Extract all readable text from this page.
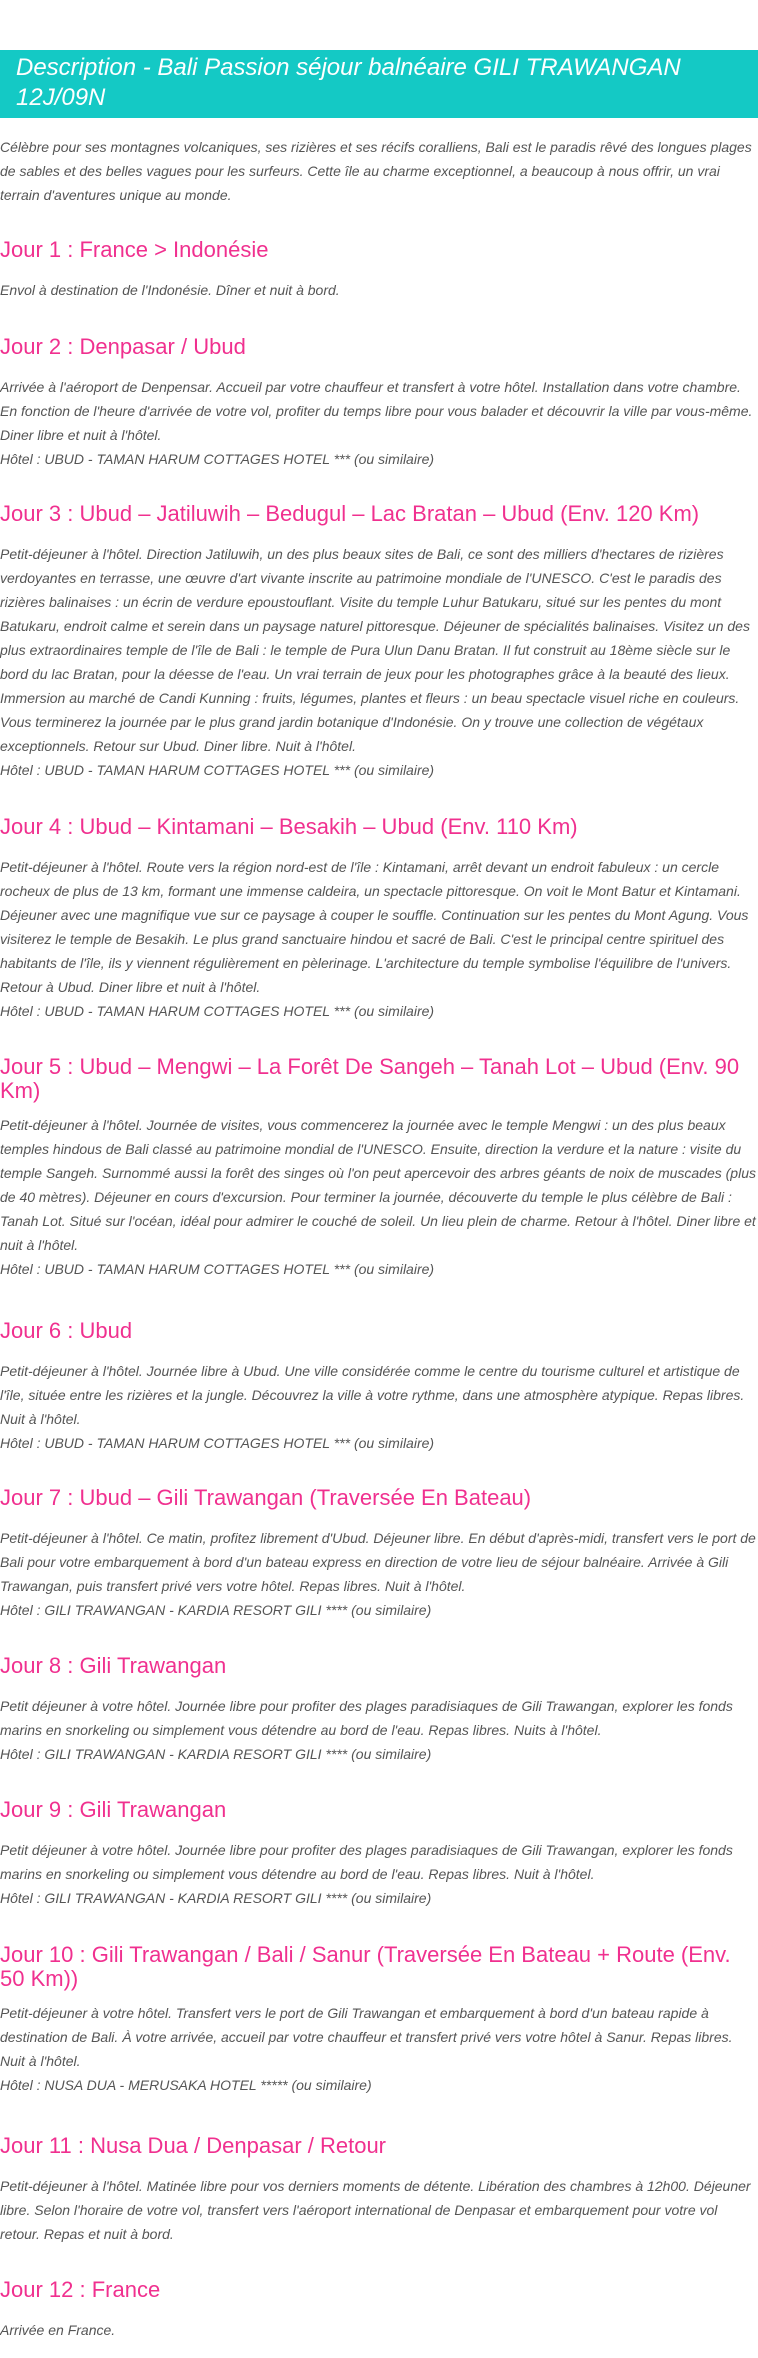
Description - Bali Passion séjour balnéaire GILI TRAWANGAN 12J/09N

Célèbre pour ses montagnes volcaniques, ses rizières et ses récifs coralliens, Bali est le paradis rêvé des longues plages de sables et des belles vagues pour les surfeurs. Cette île au charme exceptionnel, a beaucoup à nous offrir, un vrai terrain d'aventures unique au monde.

Jour 1 : France > Indonésie

Envol à destination de l'Indonésie. Dîner et nuit à bord.

Jour 2 : Denpasar / Ubud

Arrivée à l'aéroport de Denpensar. Accueil par votre chauffeur et transfert à votre hôtel. Installation dans votre chambre. En fonction de l'heure d'arrivée de votre vol, profiter du temps libre pour vous balader et découvrir la ville par vous-même. Diner libre et nuit à l'hôtel.

Hôtel : UBUD - TAMAN HARUM COTTAGES HOTEL *** (ou similaire)

Jour 3 : Ubud – Jatiluwih – Bedugul – Lac Bratan – Ubud (Env. 120 Km)

Petit-déjeuner à l'hôtel. Direction Jatiluwih, un des plus beaux sites de Bali, ce sont des milliers d'hectares de rizières verdoyantes en terrasse, une œuvre d'art vivante inscrite au patrimoine mondiale de l'UNESCO. C'est le paradis des rizières balinaises : un écrin de verdure epoustouflant. Visite du temple Luhur Batukaru, situé sur les pentes du mont Batukaru, endroit calme et serein dans un paysage naturel pittoresque. Déjeuner de spécialités balinaises. Visitez un des plus extraordinaires temple de l'île de Bali : le temple de Pura Ulun Danu Bratan. Il fut construit au 18ème siècle sur le bord du lac Bratan, pour la déesse de l'eau. Un vrai terrain de jeux pour les photographes grâce à la beauté des lieux. Immersion au marché de Candi Kunning : fruits, légumes, plantes et fleurs : un beau spectacle visuel riche en couleurs. Vous terminerez la journée par le plus grand jardin botanique d'Indonésie. On y trouve une collection de végétaux exceptionnels. Retour sur Ubud. Diner libre. Nuit à l'hôtel.

Hôtel : UBUD - TAMAN HARUM COTTAGES HOTEL *** (ou similaire)

Jour 4 : Ubud – Kintamani – Besakih – Ubud (Env. 110 Km)

Petit-déjeuner à l'hôtel. Route vers la région nord-est de l'île : Kintamani, arrêt devant un endroit fabuleux : un cercle rocheux de plus de 13 km, formant une immense caldeira, un spectacle pittoresque. On voit le Mont Batur et Kintamani. Déjeuner avec une magnifique vue sur ce paysage à couper le souffle. Continuation sur les pentes du Mont Agung. Vous visiterez le temple de Besakih. Le plus grand sanctuaire hindou et sacré de Bali. C'est le principal centre spirituel des habitants de l'île, ils y viennent régulièrement en pèlerinage. L'architecture du temple symbolise l'équilibre de l'univers. Retour à Ubud. Diner libre et nuit à l'hôtel.

Hôtel : UBUD - TAMAN HARUM COTTAGES HOTEL *** (ou similaire)

Jour 5 : Ubud – Mengwi – La Forêt De Sangeh – Tanah Lot – Ubud (Env. 90 Km)

Petit-déjeuner à l'hôtel. Journée de visites, vous commencerez la journée avec le temple Mengwi : un des plus beaux temples hindous de Bali classé au patrimoine mondial de l'UNESCO. Ensuite, direction la verdure et la nature : visite du temple Sangeh. Surnommé aussi la forêt des singes où l'on peut apercevoir des arbres géants de noix de muscades (plus de 40 mètres). Déjeuner en cours d'excursion. Pour terminer la journée, découverte du temple le plus célèbre de Bali : Tanah Lot. Situé sur l'océan, idéal pour admirer le couché de soleil. Un lieu plein de charme. Retour à l'hôtel. Diner libre et nuit à l'hôtel.

Hôtel : UBUD - TAMAN HARUM COTTAGES HOTEL *** (ou similaire)

Jour 6 : Ubud

Petit-déjeuner à l'hôtel. Journée libre à Ubud. Une ville considérée comme le centre du tourisme culturel et artistique de l'île, située entre les rizières et la jungle. Découvrez la ville à votre rythme, dans une atmosphère atypique. Repas libres. Nuit à l'hôtel.

Hôtel : UBUD - TAMAN HARUM COTTAGES HOTEL *** (ou similaire)

Jour 7 : Ubud – Gili Trawangan (Traversée En Bateau)

Petit-déjeuner à l'hôtel. Ce matin, profitez librement d'Ubud. Déjeuner libre. En début d'après-midi, transfert vers le port de Bali pour votre embarquement à bord d'un bateau express en direction de votre lieu de séjour balnéaire. Arrivée à Gili Trawangan, puis transfert privé vers votre hôtel. Repas libres. Nuit à l'hôtel.

Hôtel : GILI TRAWANGAN - KARDIA RESORT GILI **** (ou similaire)

Jour 8 : Gili Trawangan

Petit déjeuner à votre hôtel. Journée libre pour profiter des plages paradisiaques de Gili Trawangan, explorer les fonds marins en snorkeling ou simplement vous détendre au bord de l'eau. Repas libres. Nuits à l'hôtel.

Hôtel : GILI TRAWANGAN - KARDIA RESORT GILI **** (ou similaire)

Jour 9 : Gili Trawangan

Petit déjeuner à votre hôtel. Journée libre pour profiter des plages paradisiaques de Gili Trawangan, explorer les fonds marins en snorkeling ou simplement vous détendre au bord de l'eau. Repas libres. Nuit à l'hôtel.

Hôtel : GILI TRAWANGAN - KARDIA RESORT GILI **** (ou similaire)

Jour 10 : Gili Trawangan / Bali / Sanur (Traversée En Bateau + Route (Env. 50 Km))

Petit-déjeuner à votre hôtel. Transfert vers le port de Gili Trawangan et embarquement à bord d'un bateau rapide à destination de Bali. À votre arrivée, accueil par votre chauffeur et transfert privé vers votre hôtel à Sanur. Repas libres. Nuit à l'hôtel.

Hôtel : NUSA DUA - MERUSAKA HOTEL ***** (ou similaire)

Jour 11 : Nusa Dua / Denpasar / Retour

Petit-déjeuner à l'hôtel. Matinée libre pour vos derniers moments de détente. Libération des chambres à 12h00. Déjeuner libre. Selon l'horaire de votre vol, transfert vers l'aéroport international de Denpasar et embarquement pour votre vol retour. Repas et nuit à bord.

Jour 12 : France

Arrivée en France.
